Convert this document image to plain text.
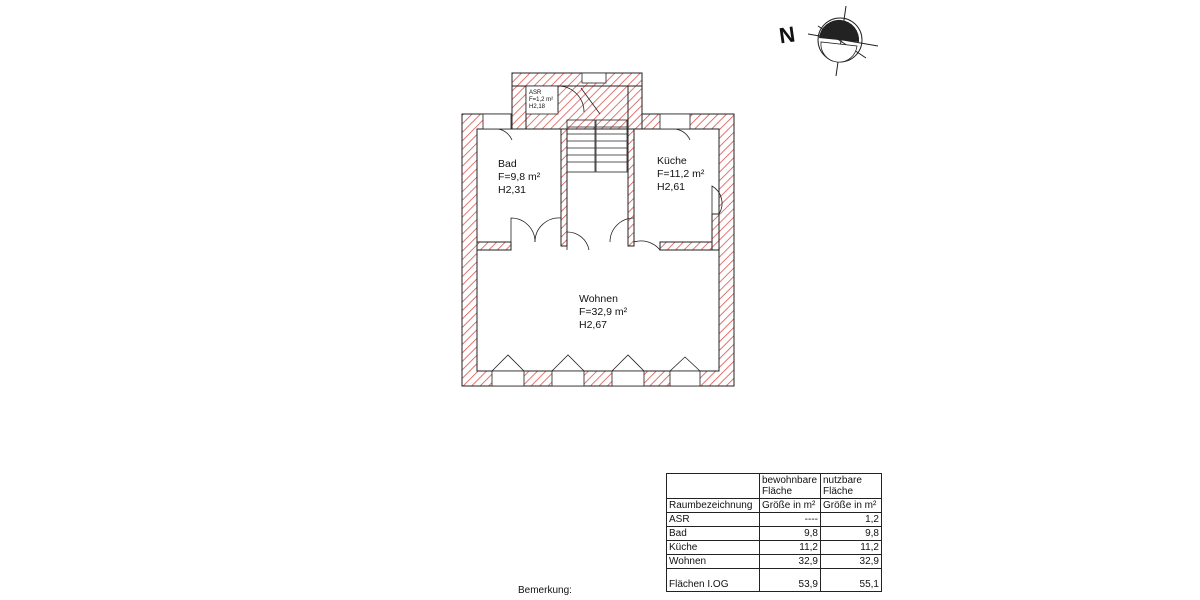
ASR
F=1,2 m²
H2,18
Bad
F=9,8 m²
H2,31
Küche
F=11,2 m²
H2,61
Wohnen
F=32,9 m²
H2,67
N
	bewohnbare Fläche	nutzbare Fläche
Raumbezeichnung	Größe in m²	Größe in m²
ASR	----	1,2
Bad	9,8	9,8
Küche	11,2	11,2
Wohnen	32,9	32,9
Flächen I.OG	53,9	55,1
Bemerkung:
